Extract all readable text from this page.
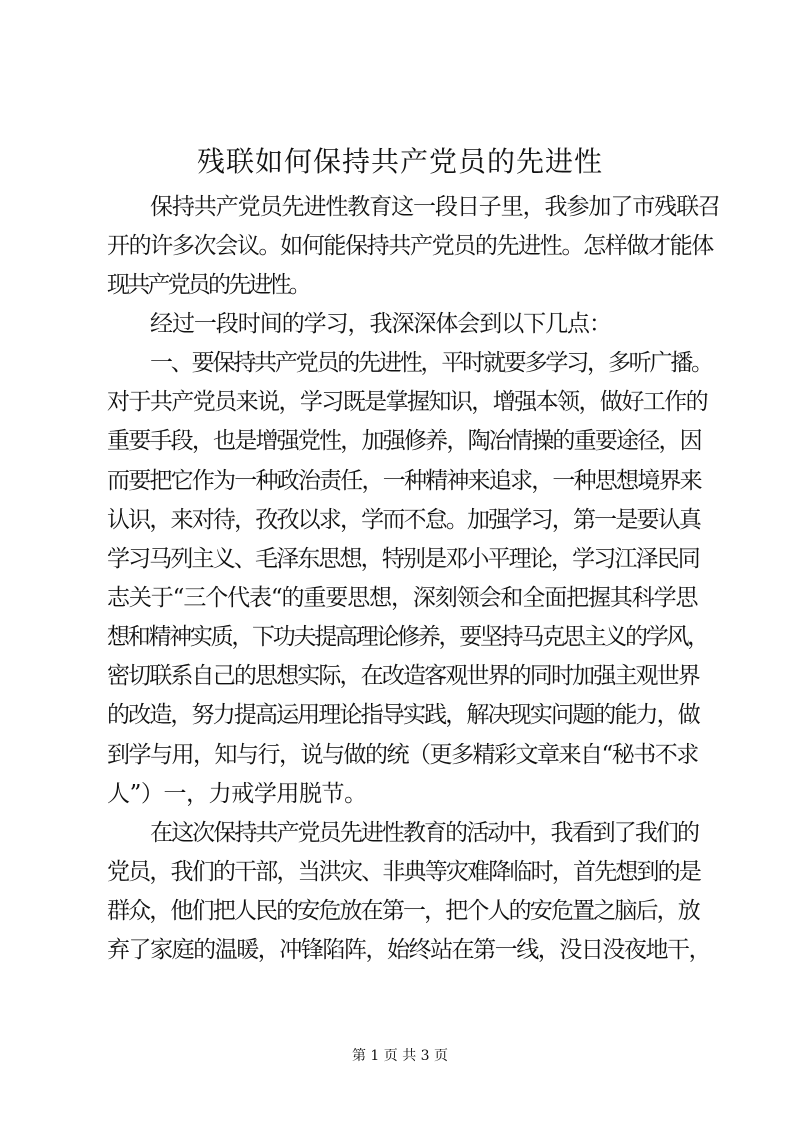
残联如何保持共产党员的先进性
保持共产党员先进性教育这一段日子里，我参加了市残联召
开的许多次会议。如何能保持共产党员的先进性。怎样做才能体
现共产党员的先进性。
经过一段时间的学习，我深深体会到以下几点：
一、要保持共产党员的先进性，平时就要多学习，多听广播。
对于共产党员来说，学习既是掌握知识，增强本领，做好工作的
重要手段，也是增强党性，加强修养，陶冶情操的重要途径，因
而要把它作为一种政治责任，一种精神来追求，一种思想境界来
认识，来对待，孜孜以求，学而不怠。加强学习，第一是要认真
学习马列主义、毛泽东思想，特别是邓小平理论，学习江泽民同
志关于“三个代表“的重要思想，深刻领会和全面把握其科学思
想和精神实质，下功夫提高理论修养，要坚持马克思主义的学风，
密切联系自己的思想实际，在改造客观世界的同时加强主观世界
的改造，努力提高运用理论指导实践，解决现实问题的能力，做
到学与用，知与行，说与做的统（更多精彩文章来自“秘书不求
人”）一，力戒学用脱节。
在这次保持共产党员先进性教育的活动中，我看到了我们的
党员，我们的干部，当洪灾、非典等灾难降临时，首先想到的是
群众，他们把人民的安危放在第一，把个人的安危置之脑后，放
弃了家庭的温暖，冲锋陷阵，始终站在第一线，没日没夜地干，
第 1 页 共 3 页
